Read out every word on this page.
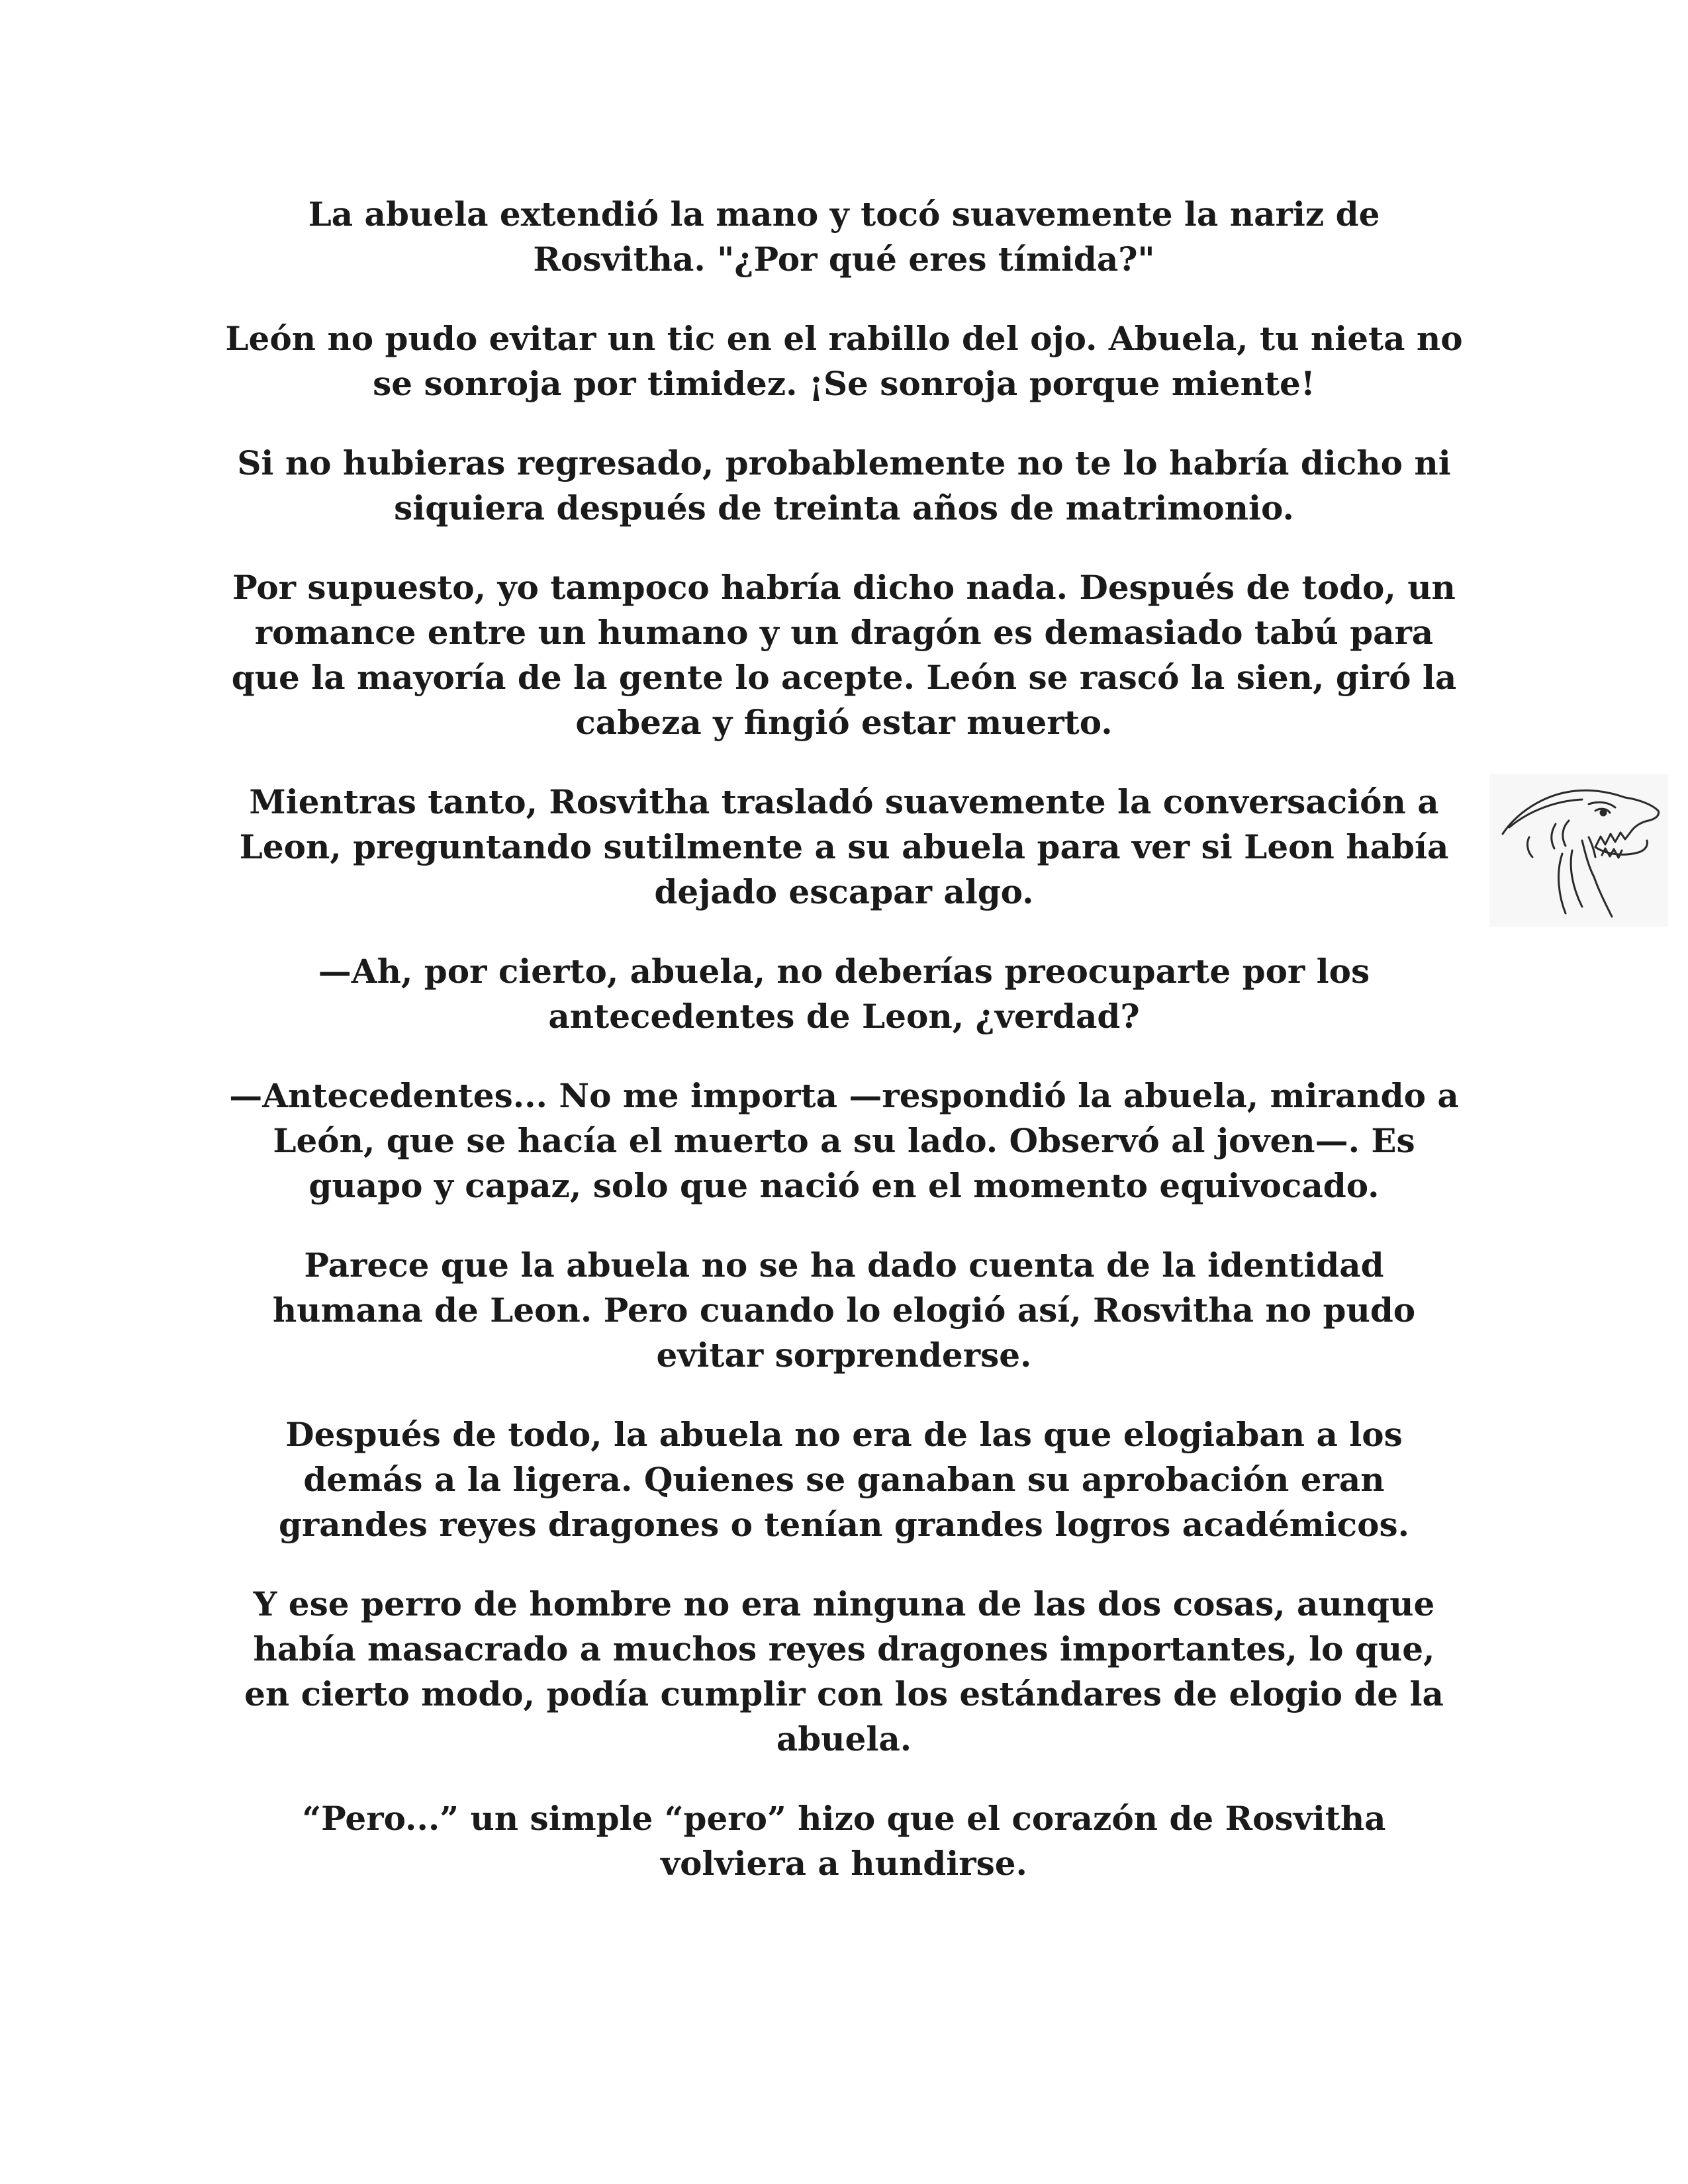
La abuela extendió la mano y tocó suavemente la nariz de Rosvitha. "¿Por qué eres tímida?"

León no pudo evitar un tic en el rabillo del ojo. Abuela, tu nieta no se sonroja por timidez. ¡Se sonroja porque miente!

Si no hubieras regresado, probablemente no te lo habría dicho ni siquiera después de treinta años de matrimonio.

Por supuesto, yo tampoco habría dicho nada. Después de todo, un romance entre un humano y un dragón es demasiado tabú para que la mayoría de la gente lo acepte. León se rascó la sien, giró la cabeza y fingió estar muerto.

Mientras tanto, Rosvitha trasladó suavemente la conversación a Leon, preguntando sutilmente a su abuela para ver si Leon había dejado escapar algo.

—Ah, por cierto, abuela, no deberías preocuparte por los antecedentes de Leon, ¿verdad?

—Antecedentes... No me importa —respondió la abuela, mirando a León, que se hacía el muerto a su lado. Observó al joven—. Es guapo y capaz, solo que nació en el momento equivocado.

Parece que la abuela no se ha dado cuenta de la identidad humana de Leon. Pero cuando lo elogió así, Rosvitha no pudo evitar sorprenderse.

Después de todo, la abuela no era de las que elogiaban a los demás a la ligera. Quienes se ganaban su aprobación eran grandes reyes dragones o tenían grandes logros académicos.

Y ese perro de hombre no era ninguna de las dos cosas, aunque había masacrado a muchos reyes dragones importantes, lo que, en cierto modo, podía cumplir con los estándares de elogio de la abuela.

“Pero...” un simple “pero” hizo que el corazón de Rosvitha volviera a hundirse.
